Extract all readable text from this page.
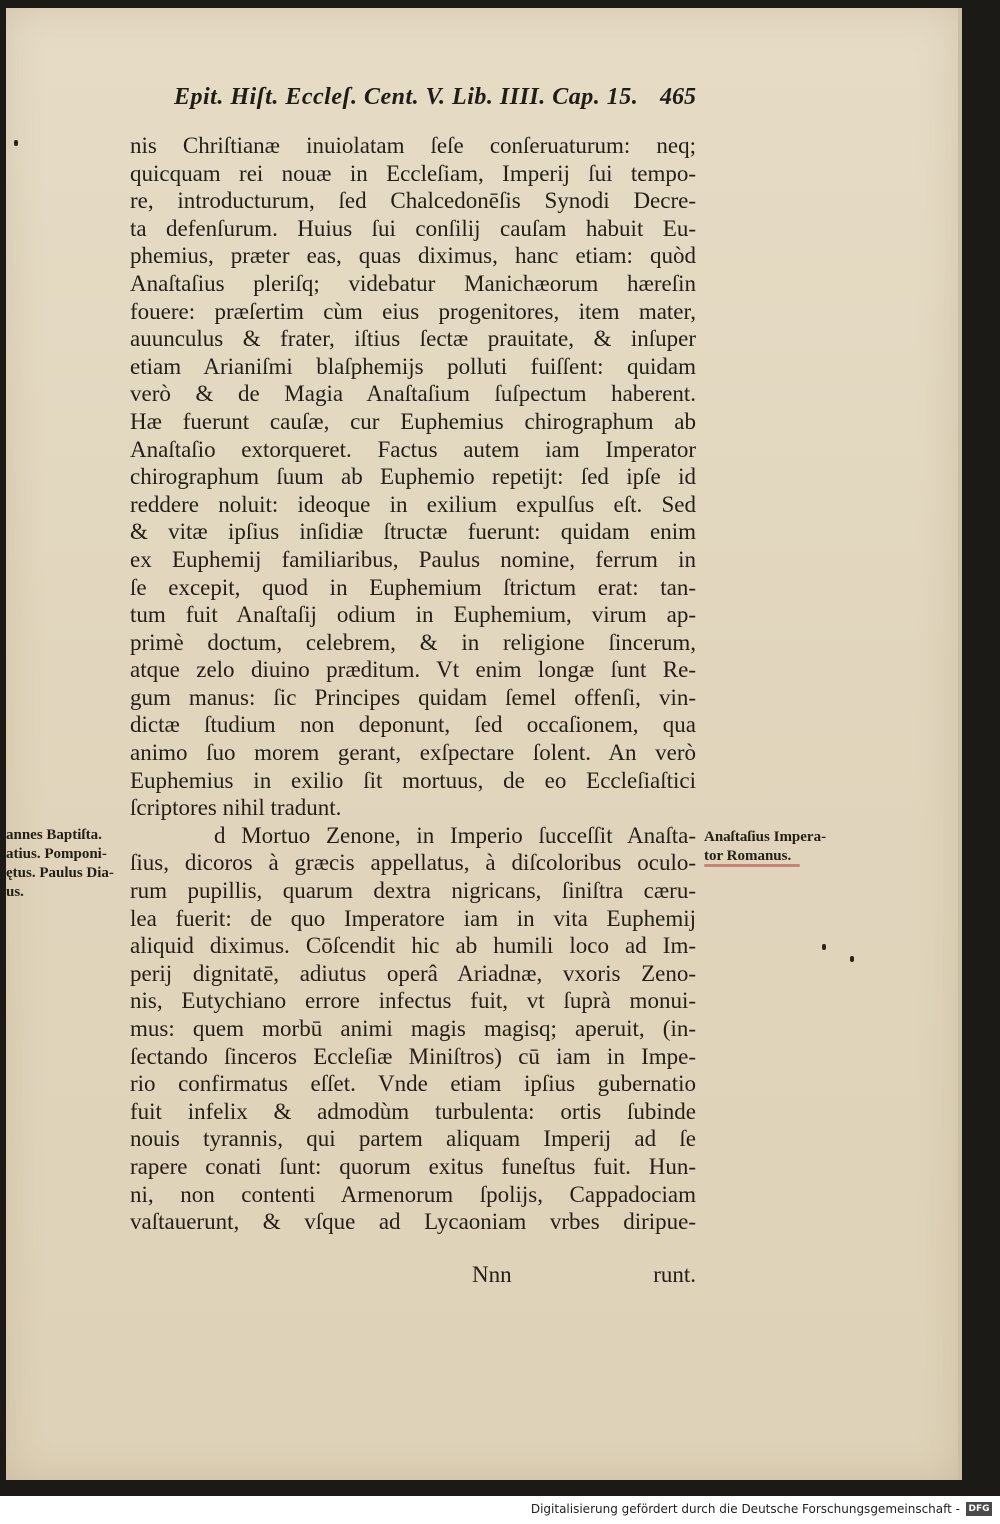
Epit. Hiſt. Eccleſ. Cent. V. Lib. IIII. Cap. 15. 465
nis Chriſtianæ inuiolatam ſeſe conſeruaturum: neq;
quicquam rei nouæ in Eccleſiam, Imperij ſui tempo-
re, introducturum, ſed Chalcedonēſis Synodi Decre-
ta defenſurum. Huius ſui conſilij cauſam habuit Eu-
phemius, præter eas, quas diximus, hanc etiam: quòd
Anaſtaſius pleriſq; videbatur Manichæorum hæreſin
fouere: præſertim cùm eius progenitores, item mater,
auunculus & frater, iſtius ſectæ prauitate, & inſuper
etiam Arianiſmi blaſphemijs polluti fuiſſent: quidam
verò & de Magia Anaſtaſium ſuſpectum haberent.
Hæ fuerunt cauſæ, cur Euphemius chirographum ab
Anaſtaſio extorqueret. Factus autem iam Imperator
chirographum ſuum ab Euphemio repetijt: ſed ipſe id
reddere noluit: ideoque in exilium expulſus eſt. Sed
& vitæ ipſius inſidiæ ſtructæ fuerunt: quidam enim
ex Euphemij familiaribus, Paulus nomine, ferrum in
ſe excepit, quod in Euphemium ſtrictum erat: tan-
tum fuit Anaſtaſij odium in Euphemium, virum ap-
primè doctum, celebrem, & in religione ſincerum,
atque zelo diuino præditum. Vt enim longæ ſunt Re-
gum manus: ſic Principes quidam ſemel offenſi, vin-
dictæ ſtudium non deponunt, ſed occaſionem, qua
animo ſuo morem gerant, exſpectare ſolent. An verò
Euphemius in exilio ſit mortuus, de eo Eccleſiaſtici
ſcriptores nihil tradunt.
d Mortuo Zenone, in Imperio ſucceſſit Anaſta-
ſius, dicoros à græcis appellatus, à diſcoloribus oculo-
rum pupillis, quarum dextra nigricans, ſiniſtra cæru-
lea fuerit: de quo Imperatore iam in vita Euphemij
aliquid diximus. Cōſcendit hic ab humili loco ad Im-
perij dignitatē, adiutus operâ Ariadnæ, vxoris Zeno-
nis, Eutychiano errore infectus fuit, vt ſuprà monui-
mus: quem morbū animi magis magisq; aperuit, (in-
ſectando ſinceros Eccleſiæ Miniſtros) cū iam in Impe-
rio confirmatus eſſet. Vnde etiam ipſius gubernatio
fuit infelix & admodùm turbulenta: ortis ſubinde
nouis tyrannis, qui partem aliquam Imperij ad ſe
rapere conati ſunt: quorum exitus funeſtus fuit. Hun-
ni, non contenti Armenorum ſpolijs, Cappadociam
vaſtauerunt, & vſque ad Lycaoniam vrbes diripue-
Nnn	runt.
annes Baptiſta.
atius. Pomponi-
ętus. Paulus Dia-
us.
Anaſtaſius Impera-
tor Romanus.
Digitalisierung gefördert durch die Deutsche Forschungsgemeinschaft - DFG
